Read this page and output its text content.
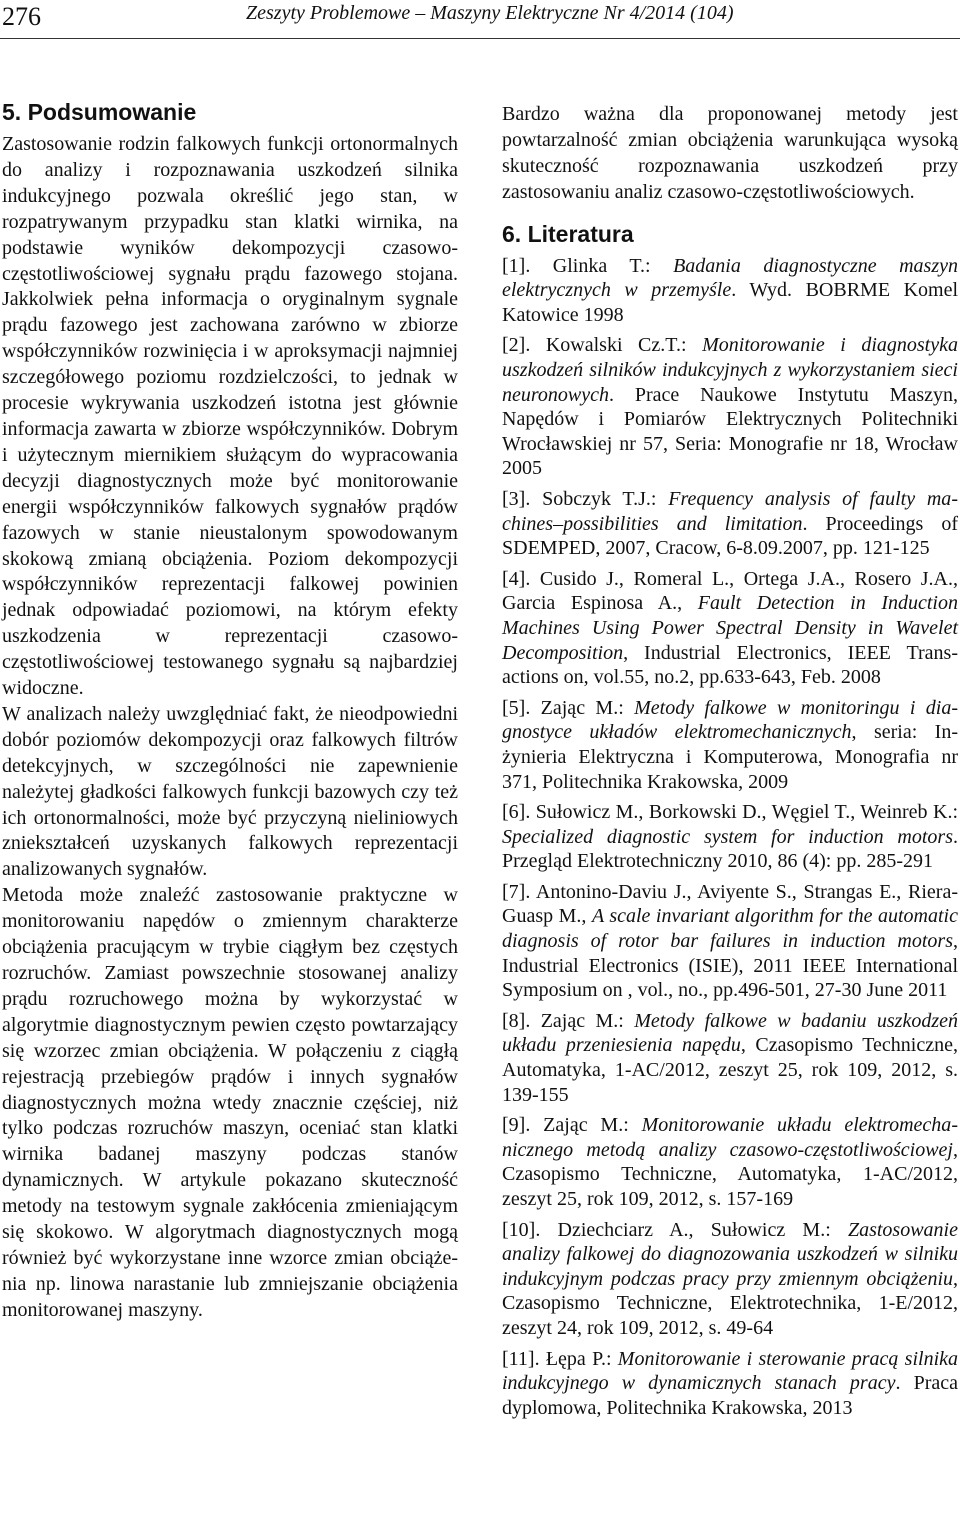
276	Zeszyty Problemowe – Maszyny Elektryczne Nr 4/2014 (104)
5. Podsumowanie

Zastosowanie rodzin falkowych funkcji ortonormalnych do analizy i rozpoznawania uszkodzeń silnika indukcyjnego pozwala określić jego stan, w rozpatrywanym przypadku stan klatki wirnika, na podstawie wyników dekompozycji czasowo-częstotliwościowej sygnału prądu fazowego stojana. Jakkolwiek pełna informacja o oryginalnym sygnale prądu fazowego jest zachowana zarówno w zbiorze współczynników rozwinięcia i w aproksymacji najmniej szczegółowego poziomu rozdzielczości, to jednak w procesie wykrywania uszkodzeń istotna jest głównie informacja zawarta w zbiorze współczynników. Dobrym i użytecznym miernikiem służącym do wypracowania decyzji diagnostycznych może być monitorowanie energii współczynników falkowych sygnałów prądów fazowych w stanie nieustalonym spowodowanym skokową zmianą obciążenia. Poziom dekompozycji współczynników reprezentacji falkowej powinien jednak odpowiadać poziomowi, na którym efekty uszkodzenia w reprezentacji czasowo-częstotliwościowej testowanego sygnału są najbardziej widoczne.

W analizach należy uwzględniać fakt, że nieodpowiedni dobór poziomów dekompozycji oraz falkowych filtrów detekcyjnych, w szczególności nie zapewnienie należytej gładkości falkowych funkcji bazowych czy też ich ortonormalności, może być przyczyną nieliniowych zniekształceń uzyskanych falkowych reprezentacji analizowanych sygnałów.

Metoda może znaleźć zastosowanie praktyczne w monitorowaniu napędów o zmiennym charakterze obciążenia pracującym w trybie ciągłym bez częstych rozruchów. Zamiast powszechnie stosowanej analizy prądu rozruchowego można by wykorzystać w algorytmie diagnostycznym pewien często powtarzający się wzorzec zmian obciążenia. W połączeniu z ciągłą rejestracją przebiegów prądów i innych sygnałów diagnostycznych można wtedy znacznie częściej, niż tylko podczas rozruchów maszyn, oceniać stan klatki wirnika badanej maszyny podczas stanów dynamicznych. W artykule pokazano skuteczność metody na testowym sygnale zakłócenia zmieniającym się skokowo. W algorytmach diagnostycznych mogą również być wykorzystane inne wzorce zmian obciążenia np. linowa narastanie lub zmniejszanie obciążenia monitorowanej maszyny.

Bardzo ważna dla proponowanej metody jest powtarzalność zmian obciążenia warunkująca wysoką skuteczność rozpoznawania uszkodzeń przy zastosowaniu analiz czasowo-częstotliwościowych.

6. Literatura

[1]. Glinka T.: Badania diagnostyczne maszyn elektrycznych w przemyśle. Wyd. BOBRME Komel Katowice 1998

[2]. Kowalski Cz.T.: Monitorowanie i diagnostyka uszkodzeń silników indukcyjnych z wykorzystaniem sieci neuronowych. Prace Naukowe Instytutu Maszyn, Napędów i Pomiarów Elektrycznych Politechniki Wrocławskiej nr 57, Seria: Monografie nr 18, Wrocław 2005

[3]. Sobczyk T.J.: Frequency analysis of faulty machines–possibilities and limitation. Proceedings of SDEMPED, 2007, Cracow, 6-8.09.2007, pp. 121-125

[4]. Cusido J., Romeral L., Ortega J.A., Rosero J.A., Garcia Espinosa A., Fault Detection in Induction Machines Using Power Spectral Density in Wavelet Decomposition, Industrial Electronics, IEEE Transactions on, vol.55, no.2, pp.633-643, Feb. 2008

[5]. Zając M.: Metody falkowe w monitoringu i diagnostyce układów elektromechanicznych, seria: Inżynieria Elektryczna i Komputerowa, Monografia nr 371, Politechnika Krakowska, 2009

[6]. Sułowicz M., Borkowski D., Węgiel T., Weinreb K.: Specialized diagnostic system for induction motors. Przegląd Elektrotechniczny 2010, 86 (4): pp. 285-291

[7]. Antonino-Daviu J., Aviyente S., Strangas E., Riera-Guasp M., A scale invariant algorithm for the automatic diagnosis of rotor bar failures in induction motors, Industrial Electronics (ISIE), 2011 IEEE International Symposium on , vol., no., pp.496-501, 27-30 June 2011

[8]. Zając M.: Metody falkowe w badaniu uszkodzeń układu przeniesienia napędu, Czasopismo Techniczne, Automatyka, 1-AC/2012, zeszyt 25, rok 109, 2012, s. 139-155

[9]. Zając M.: Monitorowanie układu elektromechanicznego metodą analizy czasowo-częstotliwościowej, Czasopismo Techniczne, Automatyka, 1-AC/2012, zeszyt 25, rok 109, 2012, s. 157-169

[10]. Dziechciarz A., Sułowicz M.: Zastosowanie analizy falkowej do diagnozowania uszkodzeń w silniku indukcyjnym podczas pracy przy zmiennym obciążeniu, Czasopismo Techniczne, Elektrotechnika, 1-E/2012, zeszyt 24, rok 109, 2012, s. 49-64

[11]. Łępa P.: Monitorowanie i sterowanie pracą silnika indukcyjnego w dynamicznych stanach pracy. Praca dyplomowa, Politechnika Krakowska, 2013
